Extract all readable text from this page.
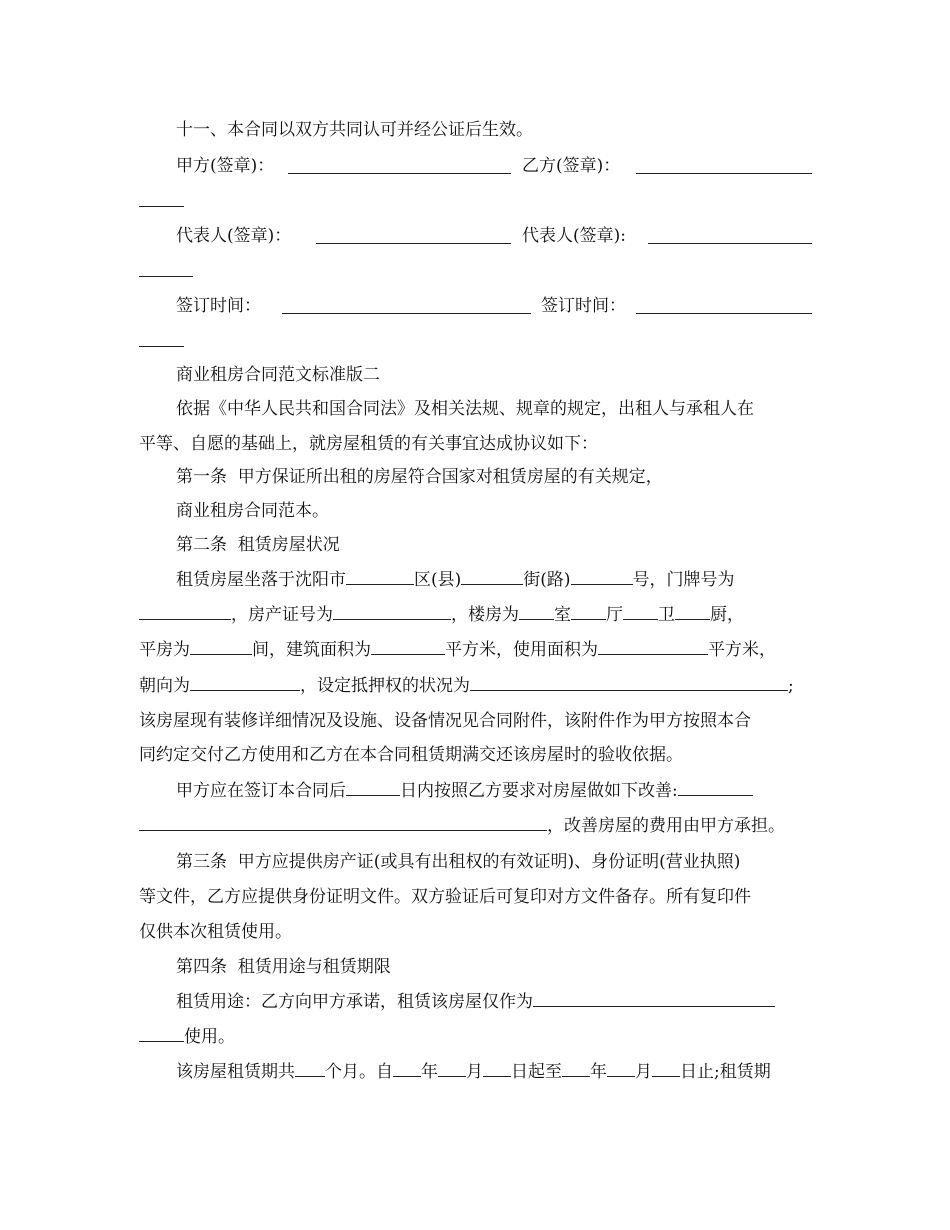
十一、本合同以双方共同认可并经公证后生效。
甲方(签章)：	乙方(签章)：
代表人(签章)：	代表人(签章):
签订时间：	签订时间：
商业租房合同范文标准版二
依据《中华人民共和国合同法》及相关法规、规章的规定，出租人与承租人在
平等、自愿的基础上，就房屋租赁的有关事宜达成协议如下：
第一条  甲方保证所出租的房屋符合国家对租赁房屋的有关规定，
商业租房合同范本。
第二条  租赁房屋状况
租赁房屋坐落于沈阳市	区(县)	街(路)	号，门牌号为
，房产证号为	，楼房为 室 厅 卫 厨，
平房为	间，建筑面积为	平方米，使用面积为	平方米，
朝向为	，设定抵押权的状况为	;
该房屋现有装修详细情况及设施、设备情况见合同附件，该附件作为甲方按照本合
同约定交付乙方使用和乙方在本合同租赁期满交还该房屋时的验收依据。
甲方应在签订本合同后	日内按照乙方要求对房屋做如下改善:
，改善房屋的费用由甲方承担。
第三条  甲方应提供房产证(或具有出租权的有效证明)、身份证明(营业执照)
等文件，乙方应提供身份证明文件。双方验证后可复印对方文件备存。所有复印件
仅供本次租赁使用。
第四条  租赁用途与租赁期限
租赁用途：乙方向甲方承诺，租赁该房屋仅作为
使用。
该房屋租赁期共 个月。自 年 月 日起至 年 月 日止;租赁期
